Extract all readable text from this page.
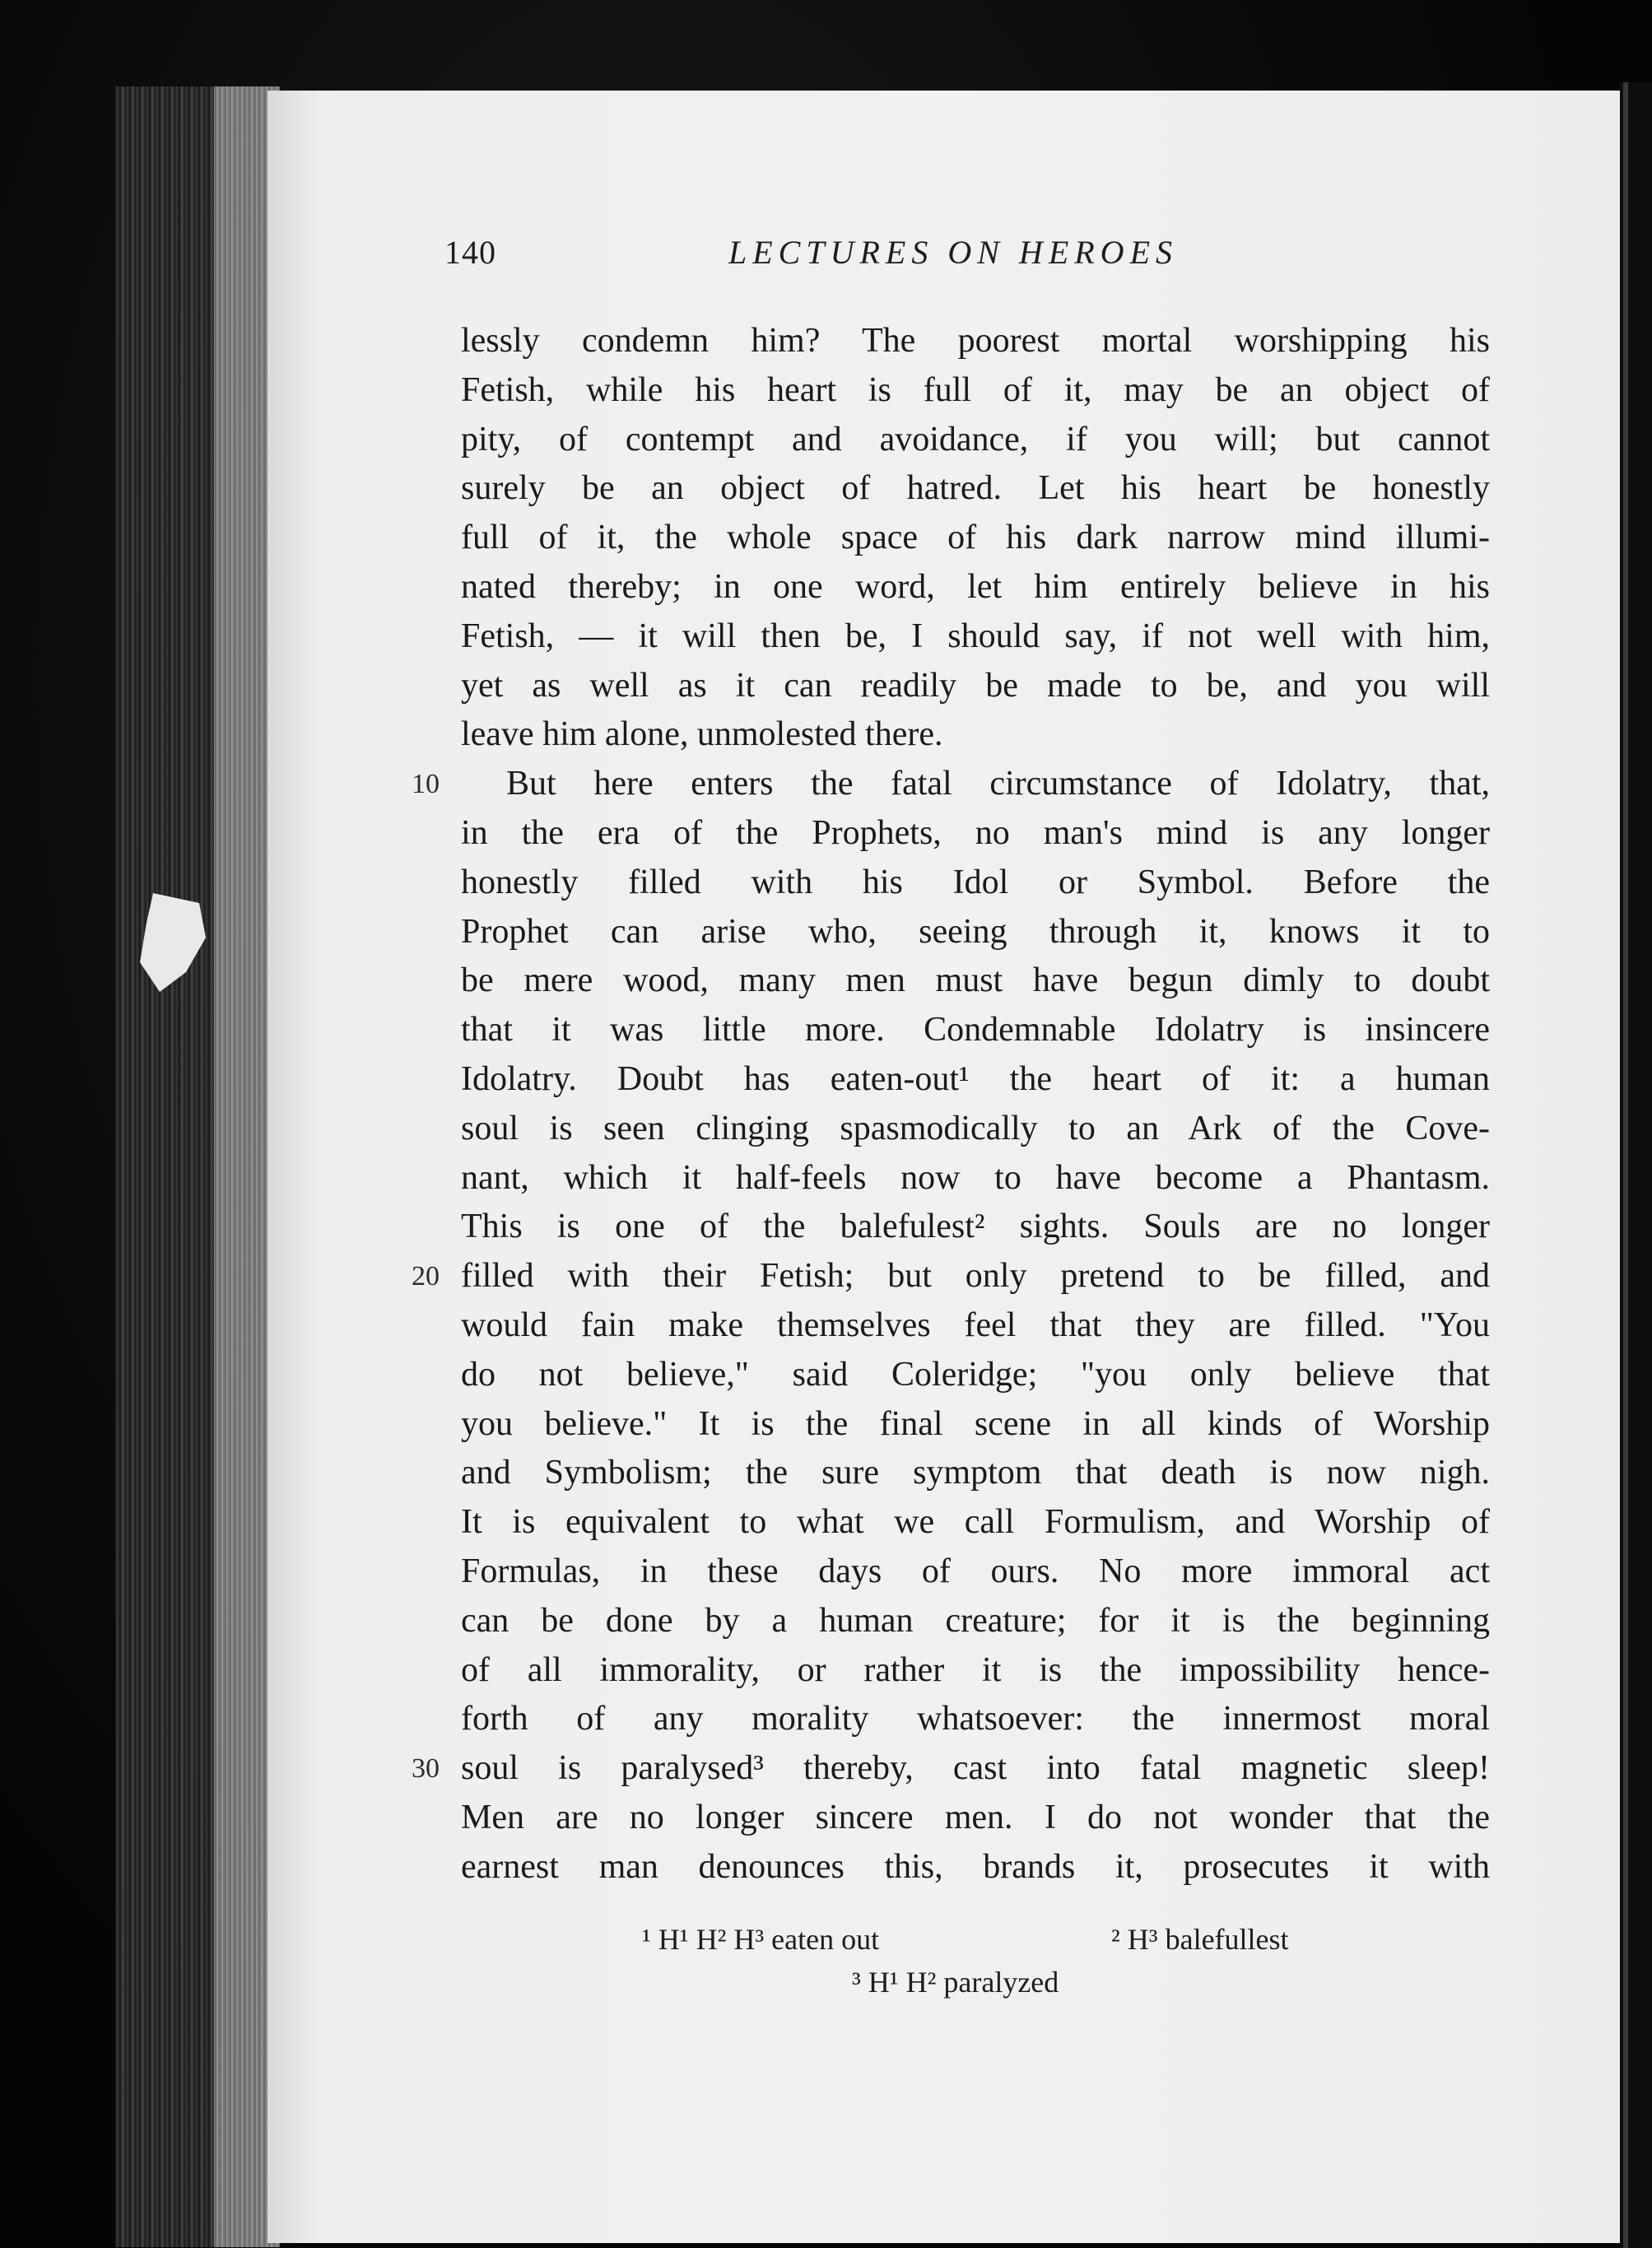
140	LECTURES ON HEROES
lessly condemn him? The poorest mortal worshipping his
Fetish, while his heart is full of it, may be an object of
pity, of contempt and avoidance, if you will; but cannot
surely be an object of hatred. Let his heart be honestly
full of it, the whole space of his dark narrow mind illumi-
nated thereby; in one word, let him entirely believe in his
Fetish, — it will then be, I should say, if not well with him,
yet as well as it can readily be made to be, and you will
leave him alone, unmolested there.
But here enters the fatal circumstance of Idolatry, that,
10
in the era of the Prophets, no man's mind is any longer
honestly filled with his Idol or Symbol. Before the
Prophet can arise who, seeing through it, knows it to
be mere wood, many men must have begun dimly to doubt
that it was little more. Condemnable Idolatry is insincere
Idolatry. Doubt has eaten-out¹ the heart of it: a human
soul is seen clinging spasmodically to an Ark of the Cove-
nant, which it half-feels now to have become a Phantasm.
This is one of the balefulest² sights. Souls are no longer
filled with their Fetish; but only pretend to be filled, and
20
would fain make themselves feel that they are filled. "You
do not believe," said Coleridge; "you only believe that
you believe." It is the final scene in all kinds of Worship
and Symbolism; the sure symptom that death is now nigh.
It is equivalent to what we call Formulism, and Worship of
Formulas, in these days of ours. No more immoral act
can be done by a human creature; for it is the beginning
of all immorality, or rather it is the impossibility hence-
forth of any morality whatsoever: the innermost moral
soul is paralysed³ thereby, cast into fatal magnetic sleep!
30
Men are no longer sincere men. I do not wonder that the
earnest man denounces this, brands it, prosecutes it with
¹ H¹ H² H³ eaten out	² H³ balefullest
³ H¹ H² paralyzed
